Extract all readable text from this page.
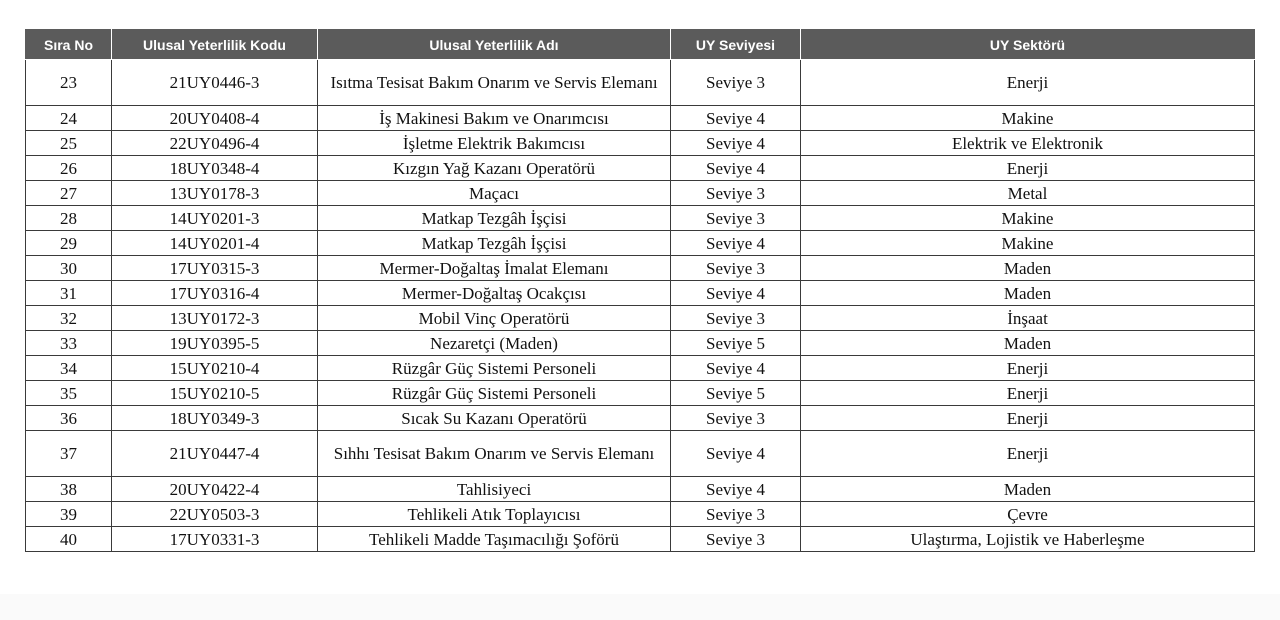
Sıra No	Ulusal Yeterlilik Kodu	Ulusal Yeterlilik Adı	UY Seviyesi	UY Sektörü
23	21UY0446-3	Isıtma Tesisat Bakım Onarım ve Servis Elemanı	Seviye 3	Enerji
24	20UY0408-4	İş Makinesi Bakım ve Onarımcısı	Seviye 4	Makine
25	22UY0496-4	İşletme Elektrik Bakımcısı	Seviye 4	Elektrik ve Elektronik
26	18UY0348-4	Kızgın Yağ Kazanı Operatörü	Seviye 4	Enerji
27	13UY0178-3	Maçacı	Seviye 3	Metal
28	14UY0201-3	Matkap Tezgâh İşçisi	Seviye 3	Makine
29	14UY0201-4	Matkap Tezgâh İşçisi	Seviye 4	Makine
30	17UY0315-3	Mermer-Doğaltaş İmalat Elemanı	Seviye 3	Maden
31	17UY0316-4	Mermer-Doğaltaş Ocakçısı	Seviye 4	Maden
32	13UY0172-3	Mobil Vinç Operatörü	Seviye 3	İnşaat
33	19UY0395-5	Nezaretçi (Maden)	Seviye 5	Maden
34	15UY0210-4	Rüzgâr Güç Sistemi Personeli	Seviye 4	Enerji
35	15UY0210-5	Rüzgâr Güç Sistemi Personeli	Seviye 5	Enerji
36	18UY0349-3	Sıcak Su Kazanı Operatörü	Seviye 3	Enerji
37	21UY0447-4	Sıhhı Tesisat Bakım Onarım ve Servis Elemanı	Seviye 4	Enerji
38	20UY0422-4	Tahlisiyeci	Seviye 4	Maden
39	22UY0503-3	Tehlikeli Atık Toplayıcısı	Seviye 3	Çevre
40	17UY0331-3	Tehlikeli Madde Taşımacılığı Şoförü	Seviye 3	Ulaştırma, Lojistik ve Haberleşme
